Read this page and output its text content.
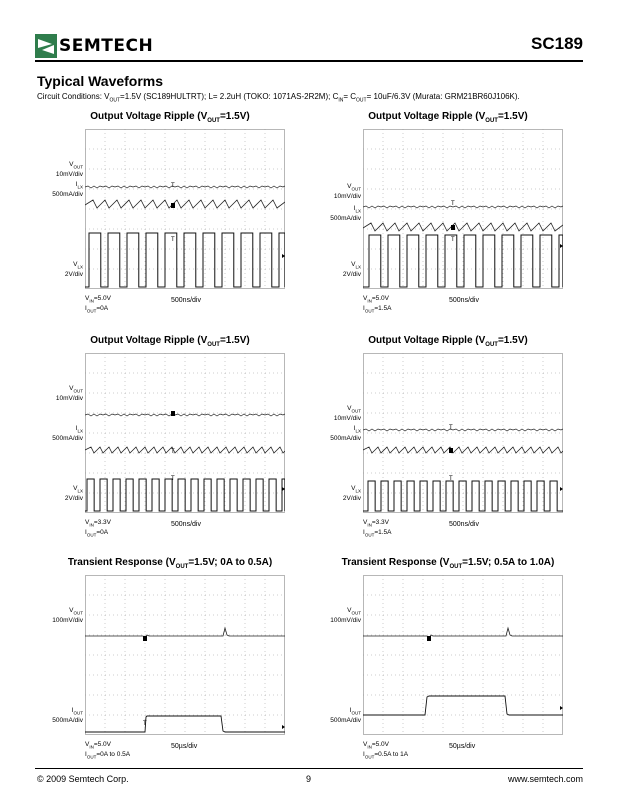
SEMTECH	SC189
Typical Waveforms
Circuit Conditions: $V_{OUT}=1.5V$ (SC189HULTRT); L= 2.2uH (TOKO: 1071AS-2R2M); $C_{IN}= C_{OUT}= 10uF/6.3V$ (Murata: GRM21BR60J106K).
Output Voltage Ripple $(V_{OUT}=1.5V)$
$V_{OUT}$
10mV/div
$I_{LX}$
500mA/div
$V_{LX}$
2V/div
T
T
$V_{IN}=5.0V$
$I_{OUT}=0A$
500ns/div
Output Voltage Ripple $(V_{OUT}=1.5V)$
$V_{OUT}$
10mV/div
$I_{LX}$
500mA/div
$V_{LX}$
2V/div
T
T
$V_{IN}=5.0V$
$I_{OUT}=1.5A$
500ns/div
Output Voltage Ripple $(V_{OUT}=1.5V)$
$V_{OUT}$
10mV/div
$I_{LX}$
500mA/div
$V_{LX}$
2V/div
T
T
$V_{IN}=3.3V$
$I_{OUT}=0A$
500ns/div
Output Voltage Ripple $(V_{OUT}=1.5V)$
$V_{OUT}$
10mV/div
$I_{LX}$
500mA/div
$V_{LX}$
2V/div
T
T
$V_{IN}=3.3V$
$I_{OUT}=1.5A$
500ns/div
Transient Response ($V_{OUT}=1.5V$; 0A to 0.5A)
$V_{OUT}$
100mV/div
$I_{OUT}$
500mA/div
T
$V_{IN}=5.0V$
$I_{OUT}=0A$ to 0.5A
50µs/div
Transient Response ($V_{OUT}=1.5V$; 0.5A to 1.0A)
$V_{OUT}$
100mV/div
$I_{OUT}$
500mA/div
$V_{IN}=5.0V$
$I_{OUT}=0.5A$ to 1A
50µs/div
© 2009 Semtech Corp.	9	www.semtech.com
